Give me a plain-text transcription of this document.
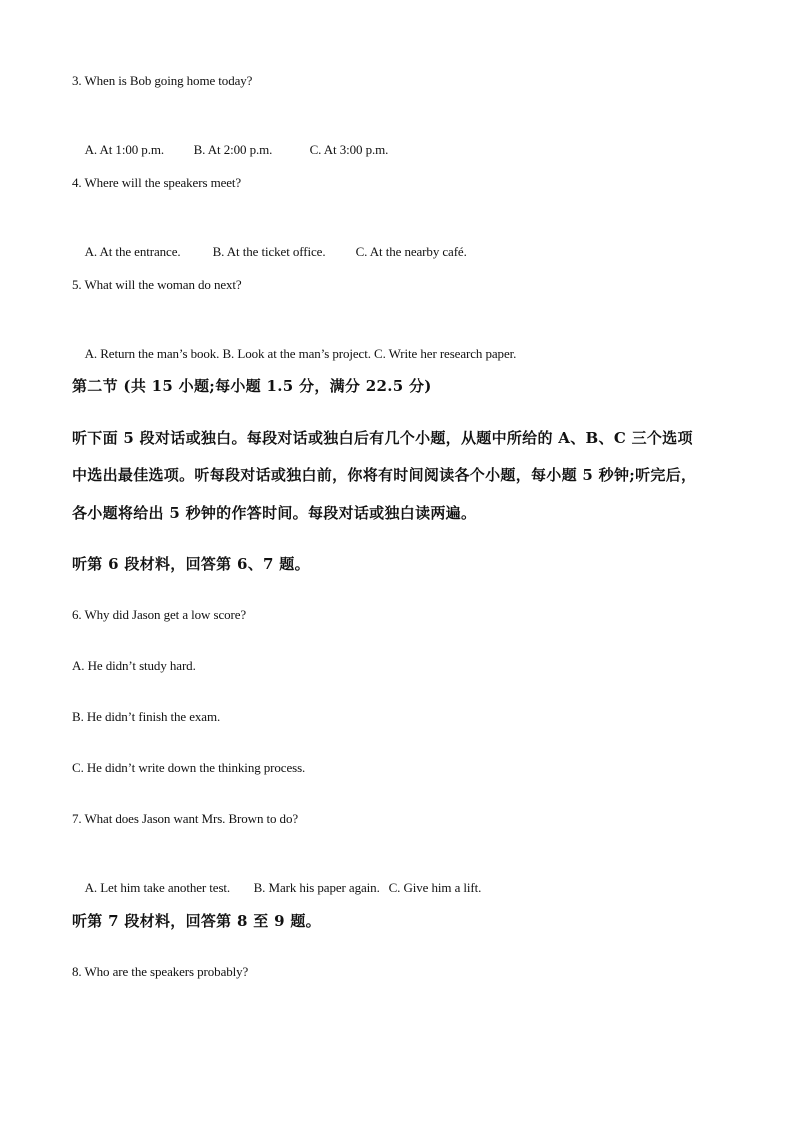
3. When is Bob going home today?

A. At 1:00 p.m. B. At 2:00 p.m.	C. At 3:00 p.m.

4. Where will the speakers meet?

A. At the entrance. B. At the ticket office. C. At the nearby café.

5. What will the woman do next?

A. Return the man’s book. B. Look at the man’s project. C. Write her research paper.

第二节 (共 15 小题;每小题 1.5 分，满分 22.5 分)
听下面 5 段对话或独白。每段对话或独白后有几个小题，从题中所给的 A、B、C 三个选项
中选出最佳选项。听每段对话或独白前，你将有时间阅读各个小题，每小题 5 秒钟;听完后，
各小题将给出 5 秒钟的作答时间。每段对话或独白读两遍。
听第 6 段材料，回答第 6、7 题。
6. Why did Jason get a low score?
A. He didn’t study hard.
B. He didn’t finish the exam.
C. He didn’t write down the thinking process.
7. What does Jason want Mrs. Brown to do?

A. Let him take another test. B. Mark his paper again. C. Give him a lift.

听第 7 段材料，回答第 8 至 9 题。
8. Who are the speakers probably?
